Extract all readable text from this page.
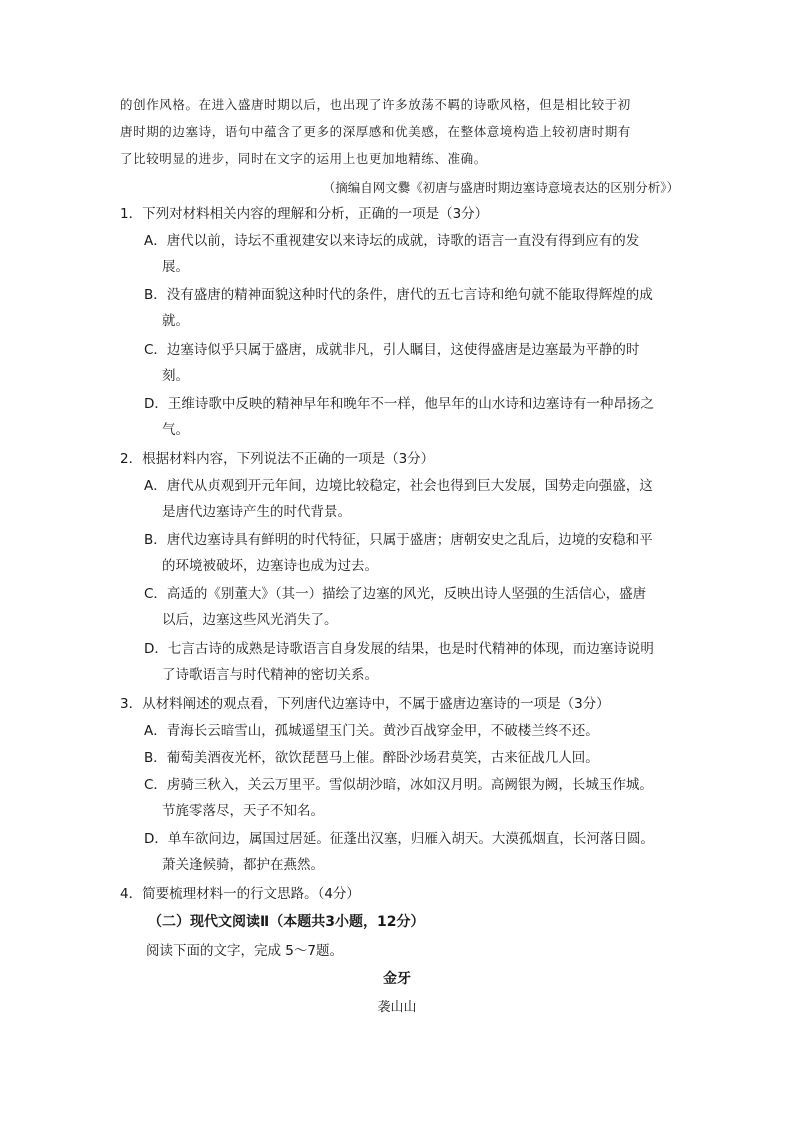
的创作风格。在进入盛唐时期以后，也出现了许多放荡不羁的诗歌风格，但是相比较于初
唐时期的边塞诗，语句中蕴含了更多的深厚感和优美感，在整体意境构造上较初唐时期有
了比较明显的进步，同时在文字的运用上也更加地精练、准确。
（摘编自网文爨《初唐与盛唐时期边塞诗意境表达的区别分析》）
1．下列对材料相关内容的理解和分析，正确的一项是（3分）
A．唐代以前，诗坛不重视建安以来诗坛的成就，诗歌的语言一直没有得到应有的发
展。
B．没有盛唐的精神面貌这种时代的条件，唐代的五七言诗和绝句就不能取得辉煌的成
就。
C．边塞诗似乎只属于盛唐，成就非凡，引人瞩目，这使得盛唐是边塞最为平静的时
刻。
D．王维诗歌中反映的精神早年和晚年不一样，他早年的山水诗和边塞诗有一种昂扬之
气。
2．根据材料内容，下列说法不正确的一项是（3分）
A．唐代从贞观到开元年间，边境比较稳定，社会也得到巨大发展，国势走向强盛，这
是唐代边塞诗产生的时代背景。
B．唐代边塞诗具有鲜明的时代特征，只属于盛唐；唐朝安史之乱后，边境的安稳和平
的环境被破坏，边塞诗也成为过去。
C．高适的《别董大》（其一）描绘了边塞的风光，反映出诗人坚强的生活信心，盛唐
以后，边塞这些风光消失了。
D．七言古诗的成熟是诗歌语言自身发展的结果，也是时代精神的体现，而边塞诗说明
了诗歌语言与时代精神的密切关系。
3．从材料阐述的观点看，下列唐代边塞诗中，不属于盛唐边塞诗的一项是（3分）
A．青海长云暗雪山，孤城遥望玉门关。黄沙百战穿金甲，不破楼兰终不还。
B．葡萄美酒夜光杯，欲饮琵琶马上催。醉卧沙场君莫笑，古来征战几人回。
C．虏骑三秋入，关云万里平。雪似胡沙暗，冰如汉月明。高阙银为阙，长城玉作城。
节旄零落尽，天子不知名。
D．单车欲问边，属国过居延。征蓬出汉塞，归雁入胡天。大漠孤烟直，长河落日圆。
萧关逢候骑，都护在燕然。
4．简要梳理材料一的行文思路。（4分）
（二）现代文阅读Ⅱ（本题共3小题，12分）
阅读下面的文字，完成 5～7题。
金牙
袭山山
